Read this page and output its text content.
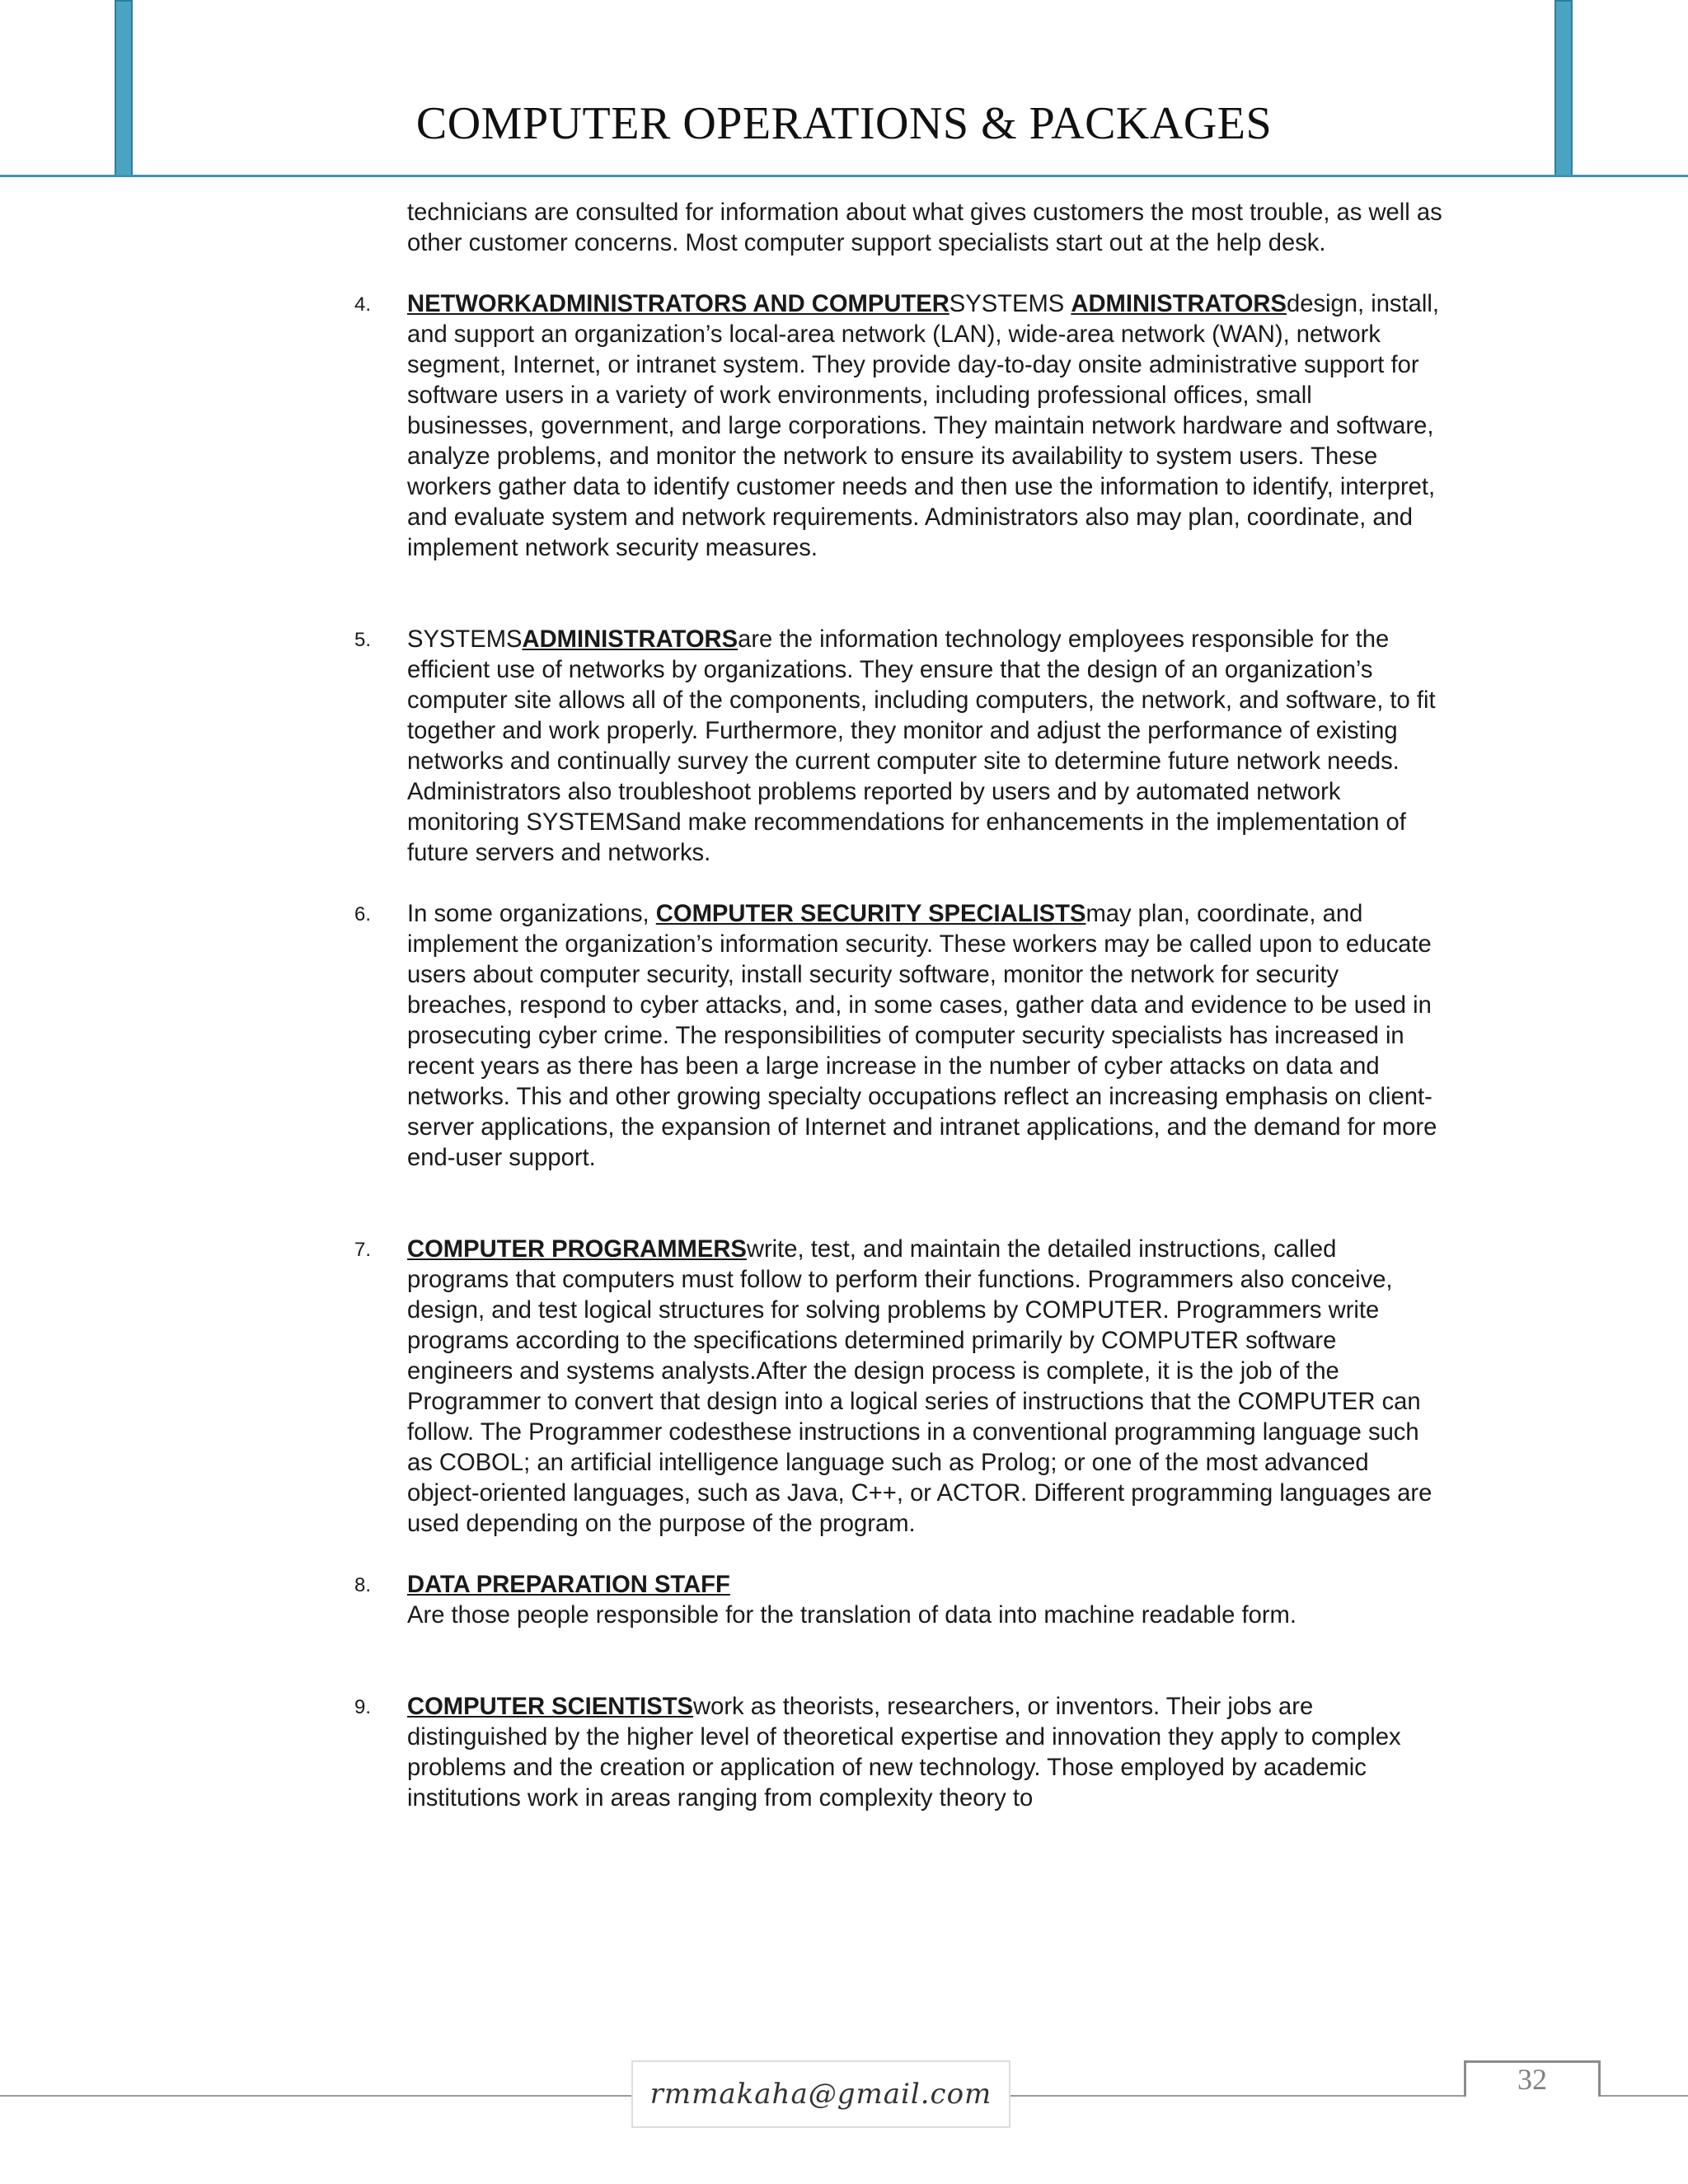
COMPUTER OPERATIONS & PACKAGES

technicians are consulted for information about what gives customers the most trouble, as well as other customer concerns. Most computer support specialists start out at the help desk.

4. NETWORKADMINISTRATORS AND COMPUTERSYSTEMS ADMINISTRATORSdesign, install, and support an organization’s local-area network (LAN), wide-area network (WAN), network segment, Internet, or intranet system. They provide day-to-day onsite administrative support for software users in a variety of work environments, including professional offices, small businesses, government, and large corporations. They maintain network hardware and software, analyze problems, and monitor the network to ensure its availability to system users. These workers gather data to identify customer needs and then use the information to identify, interpret, and evaluate system and network requirements. Administrators also may plan, coordinate, and implement network security measures.

5. SYSTEMSADMINISTRATORSare the information technology employees responsible for the efficient use of networks by organizations. They ensure that the design of an organization’s computer site allows all of the components, including computers, the network, and software, to fit together and work properly. Furthermore, they monitor and adjust the performance of existing networks and continually survey the current computer site to determine future network needs. Administrators also troubleshoot problems reported by users and by automated network monitoring SYSTEMSand make recommendations for enhancements in the implementation of future servers and networks.

6. In some organizations, COMPUTER SECURITY SPECIALISTSmay plan, coordinate, and implement the organization’s information security. These workers may be called upon to educate users about computer security, install security software, monitor the network for security breaches, respond to cyber attacks, and, in some cases, gather data and evidence to be used in prosecuting cyber crime. The responsibilities of computer security specialists has increased in recent years as there has been a large increase in the number of cyber attacks on data and networks. This and other growing specialty occupations reflect an increasing emphasis on client-server applications, the expansion of Internet and intranet applications, and the demand for more end-user support.

7. COMPUTER PROGRAMMERSwrite, test, and maintain the detailed instructions, called programs that computers must follow to perform their functions. Programmers also conceive, design, and test logical structures for solving problems by COMPUTER. Programmers write programs according to the specifications determined primarily by COMPUTER software engineers and systems analysts.After the design process is complete, it is the job of the Programmer to convert that design into a logical series of instructions that the COMPUTER can follow. The Programmer codesthese instructions in a conventional programming language such as COBOL; an artificial intelligence language such as Prolog; or one of the most advanced object-oriented languages, such as Java, C++, or ACTOR. Different programming languages are used depending on the purpose of the program.

8. DATA PREPARATION STAFF

Are those people responsible for the translation of data into machine readable form.

9. COMPUTER SCIENTISTSwork as theorists, researchers, or inventors. Their jobs are distinguished by the higher level of theoretical expertise and innovation they apply to complex problems and the creation or application of new technology. Those employed by academic institutions work in areas ranging from complexity theory to

rmmakaha@gmail.com	32
